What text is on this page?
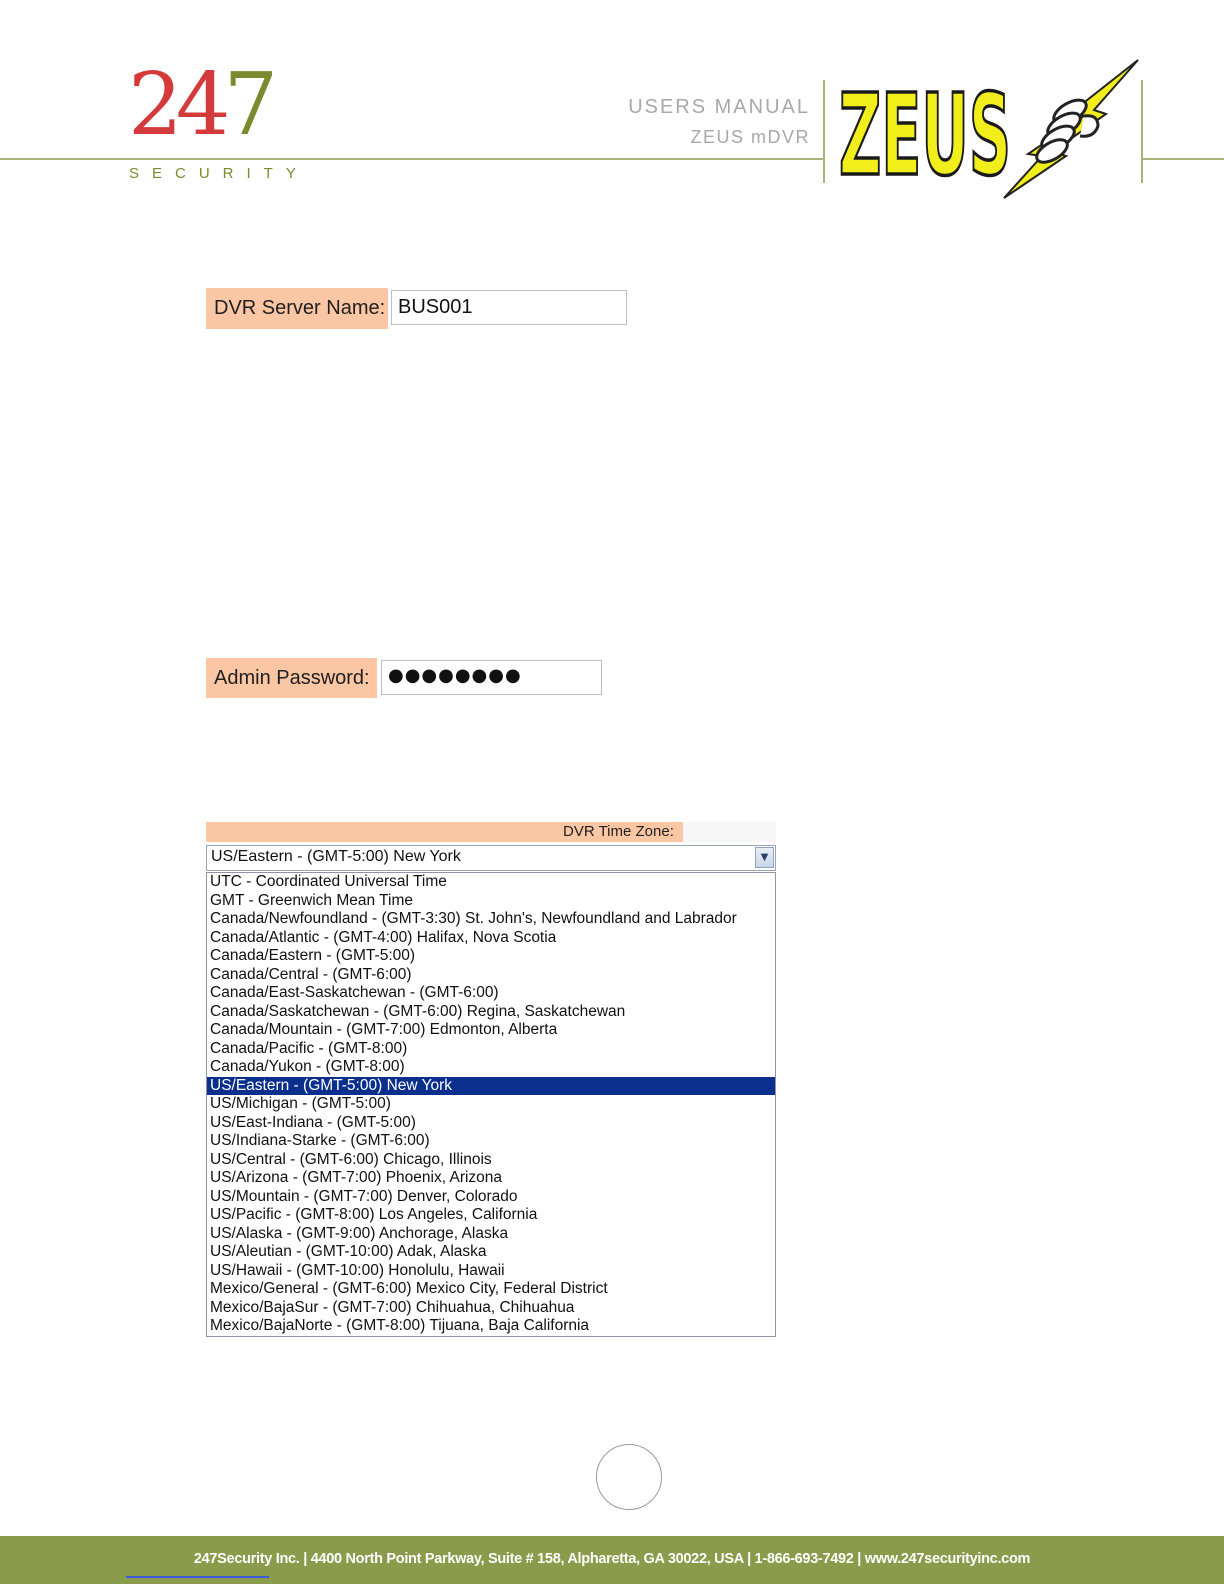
247
SECURITY
USERS MANUAL
ZEUS mDVR ZEUS
DVR Server Name:
BUS001
Admin Password:	●●●●●●●●
DVR Time Zone:
US/Eastern - (GMT-5:00) New York	▼
UTC - Coordinated Universal Time
GMT - Greenwich Mean Time
Canada/Newfoundland - (GMT-3:30) St. John's, Newfoundland and Labrador
Canada/Atlantic - (GMT-4:00) Halifax, Nova Scotia
Canada/Eastern - (GMT-5:00)
Canada/Central - (GMT-6:00)
Canada/East-Saskatchewan - (GMT-6:00)
Canada/Saskatchewan - (GMT-6:00) Regina, Saskatchewan
Canada/Mountain - (GMT-7:00) Edmonton, Alberta
Canada/Pacific - (GMT-8:00)
Canada/Yukon - (GMT-8:00)
US/Eastern - (GMT-5:00) New York
US/Michigan - (GMT-5:00)
US/East-Indiana - (GMT-5:00)
US/Indiana-Starke - (GMT-6:00)
US/Central - (GMT-6:00) Chicago, Illinois
US/Arizona - (GMT-7:00) Phoenix, Arizona
US/Mountain - (GMT-7:00) Denver, Colorado
US/Pacific - (GMT-8:00) Los Angeles, California
US/Alaska - (GMT-9:00) Anchorage, Alaska
US/Aleutian - (GMT-10:00) Adak, Alaska
US/Hawaii - (GMT-10:00) Honolulu, Hawaii
Mexico/General - (GMT-6:00) Mexico City, Federal District
Mexico/BajaSur - (GMT-7:00) Chihuahua, Chihuahua
Mexico/BajaNorte - (GMT-8:00) Tijuana, Baja California
247Security Inc. | 4400 North Point Parkway, Suite # 158, Alpharetta, GA 30022, USA | 1-866-693-7492 | www.247securityinc.com
